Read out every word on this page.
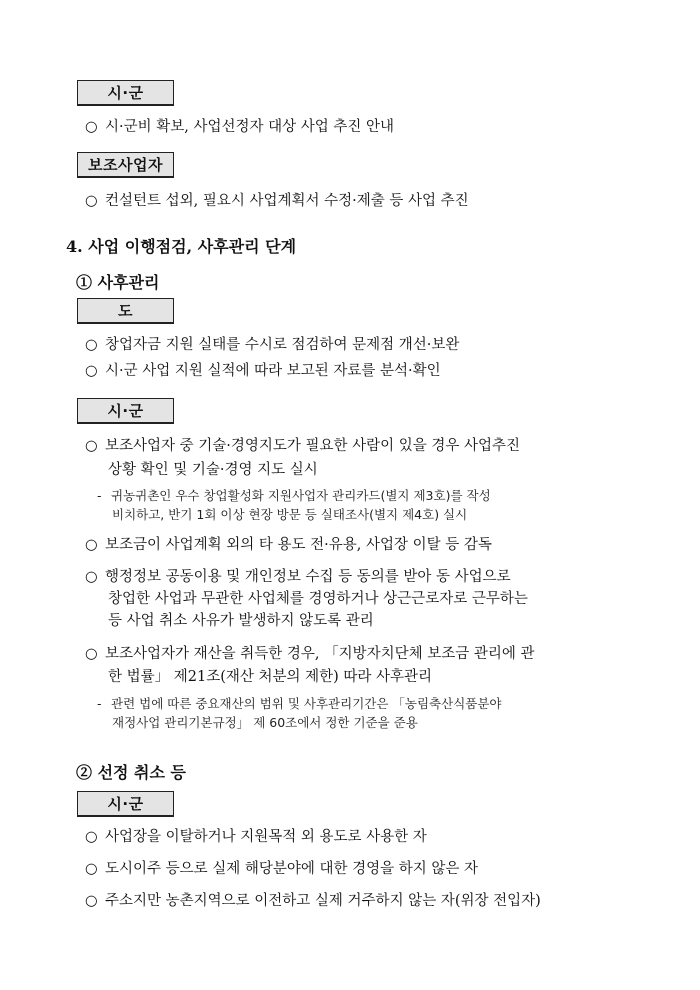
시·군
○ 시·군비 확보, 사업선정자 대상 사업 추진 안내
보조사업자
○ 컨설턴트 섭외, 필요시 사업계획서 수정·제출 등 사업 추진
4. 사업 이행점검, 사후관리 단계
① 사후관리
도
○ 창업자금 지원 실태를 수시로 점검하여 문제점 개선·보완
○ 시·군 사업 지원 실적에 따라 보고된 자료를 분석·확인
시·군
○ 보조사업자 중 기술·경영지도가 필요한 사람이 있을 경우 사업추진
상황 확인 및 기술·경영 지도 실시
- 귀농귀촌인 우수 창업활성화 지원사업자 관리카드(별지 제3호)를 작성
비치하고, 반기 1회 이상 현장 방문 등 실태조사(별지 제4호) 실시
○ 보조금이 사업계획 외의 타 용도 전·유용, 사업장 이탈 등 감독
○ 행정정보 공동이용 및 개인정보 수집 등 동의를 받아 동 사업으로
창업한 사업과 무관한 사업체를 경영하거나 상근근로자로 근무하는
등 사업 취소 사유가 발생하지 않도록 관리
○ 보조사업자가 재산을 취득한 경우, 「지방자치단체 보조금 관리에 관
한 법률」 제21조(재산 처분의 제한) 따라 사후관리
- 관련 법에 따른 중요재산의 범위 및 사후관리기간은 「농림축산식품분야
재정사업 관리기본규정」 제 60조에서 정한 기준을 준용
② 선정 취소 등
시·군
○ 사업장을 이탈하거나 지원목적 외 용도로 사용한 자
○ 도시이주 등으로 실제 해당분야에 대한 경영을 하지 않은 자
○ 주소지만 농촌지역으로 이전하고 실제 거주하지 않는 자(위장 전입자)
